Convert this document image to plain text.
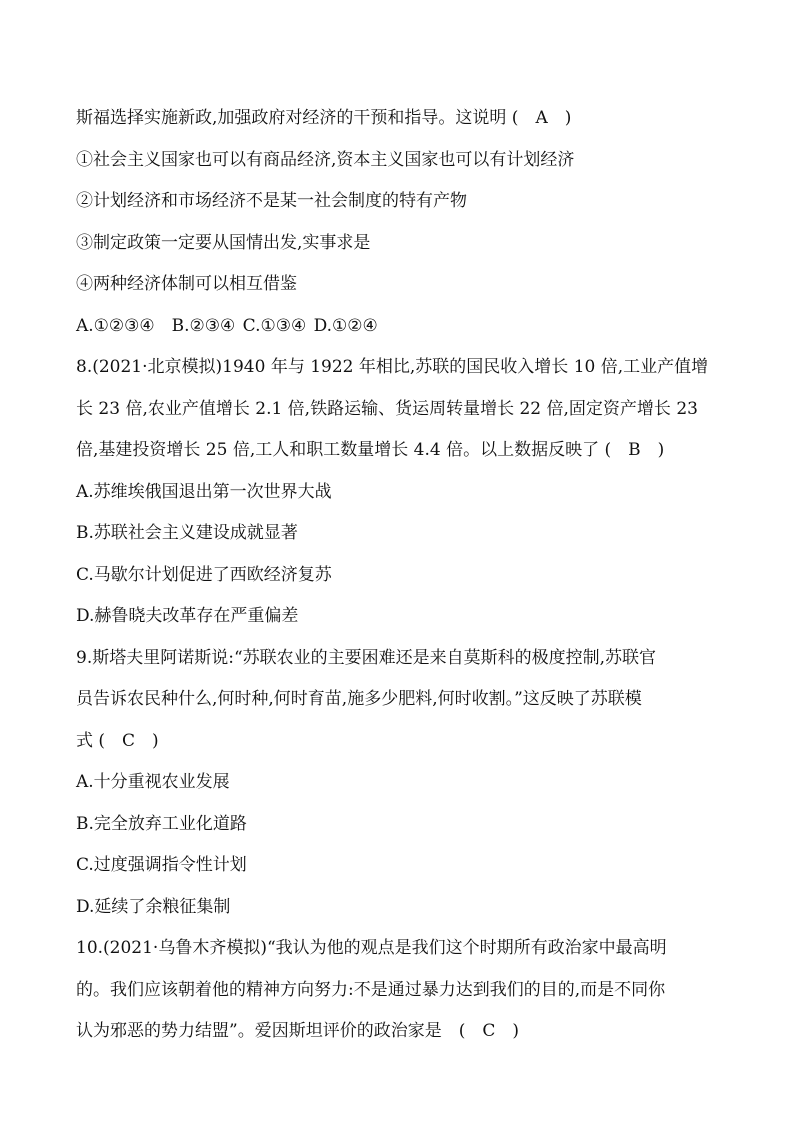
斯福选择实施新政,加强政府对经济的干预和指导。这说明 (　A　)
①社会主义国家也可以有商品经济,资本主义国家也可以有计划经济
②计划经济和市场经济不是某一社会制度的特有产物
③制定政策一定要从国情出发,实事求是
④两种经济体制可以相互借鉴
A.①②③④　B.②③④ C.①③④ D.①②④
8.(2021·北京模拟)1940 年与 1922 年相比,苏联的国民收入增长 10 倍,工业产值增
长 23 倍,农业产值增长 2.1 倍,铁路运输、货运周转量增长 22 倍,固定资产增长 23
倍,基建投资增长 25 倍,工人和职工数量增长 4.4 倍。以上数据反映了 (　B　)
A.苏维埃俄国退出第一次世界大战
B.苏联社会主义建设成就显著
C.马歇尔计划促进了西欧经济复苏
D.赫鲁晓夫改革存在严重偏差
9.斯塔夫里阿诺斯说:“苏联农业的主要困难还是来自莫斯科的极度控制,苏联官
员告诉农民种什么,何时种,何时育苗,施多少肥料,何时收割。”这反映了苏联模
式 (　C　)
A.十分重视农业发展
B.完全放弃工业化道路
C.过度强调指令性计划
D.延续了余粮征集制
10.(2021·乌鲁木齐模拟)“我认为他的观点是我们这个时期所有政治家中最高明
的。我们应该朝着他的精神方向努力:不是通过暴力达到我们的目的,而是不同你
认为邪恶的势力结盟”。爱因斯坦评价的政治家是　(　C　)
